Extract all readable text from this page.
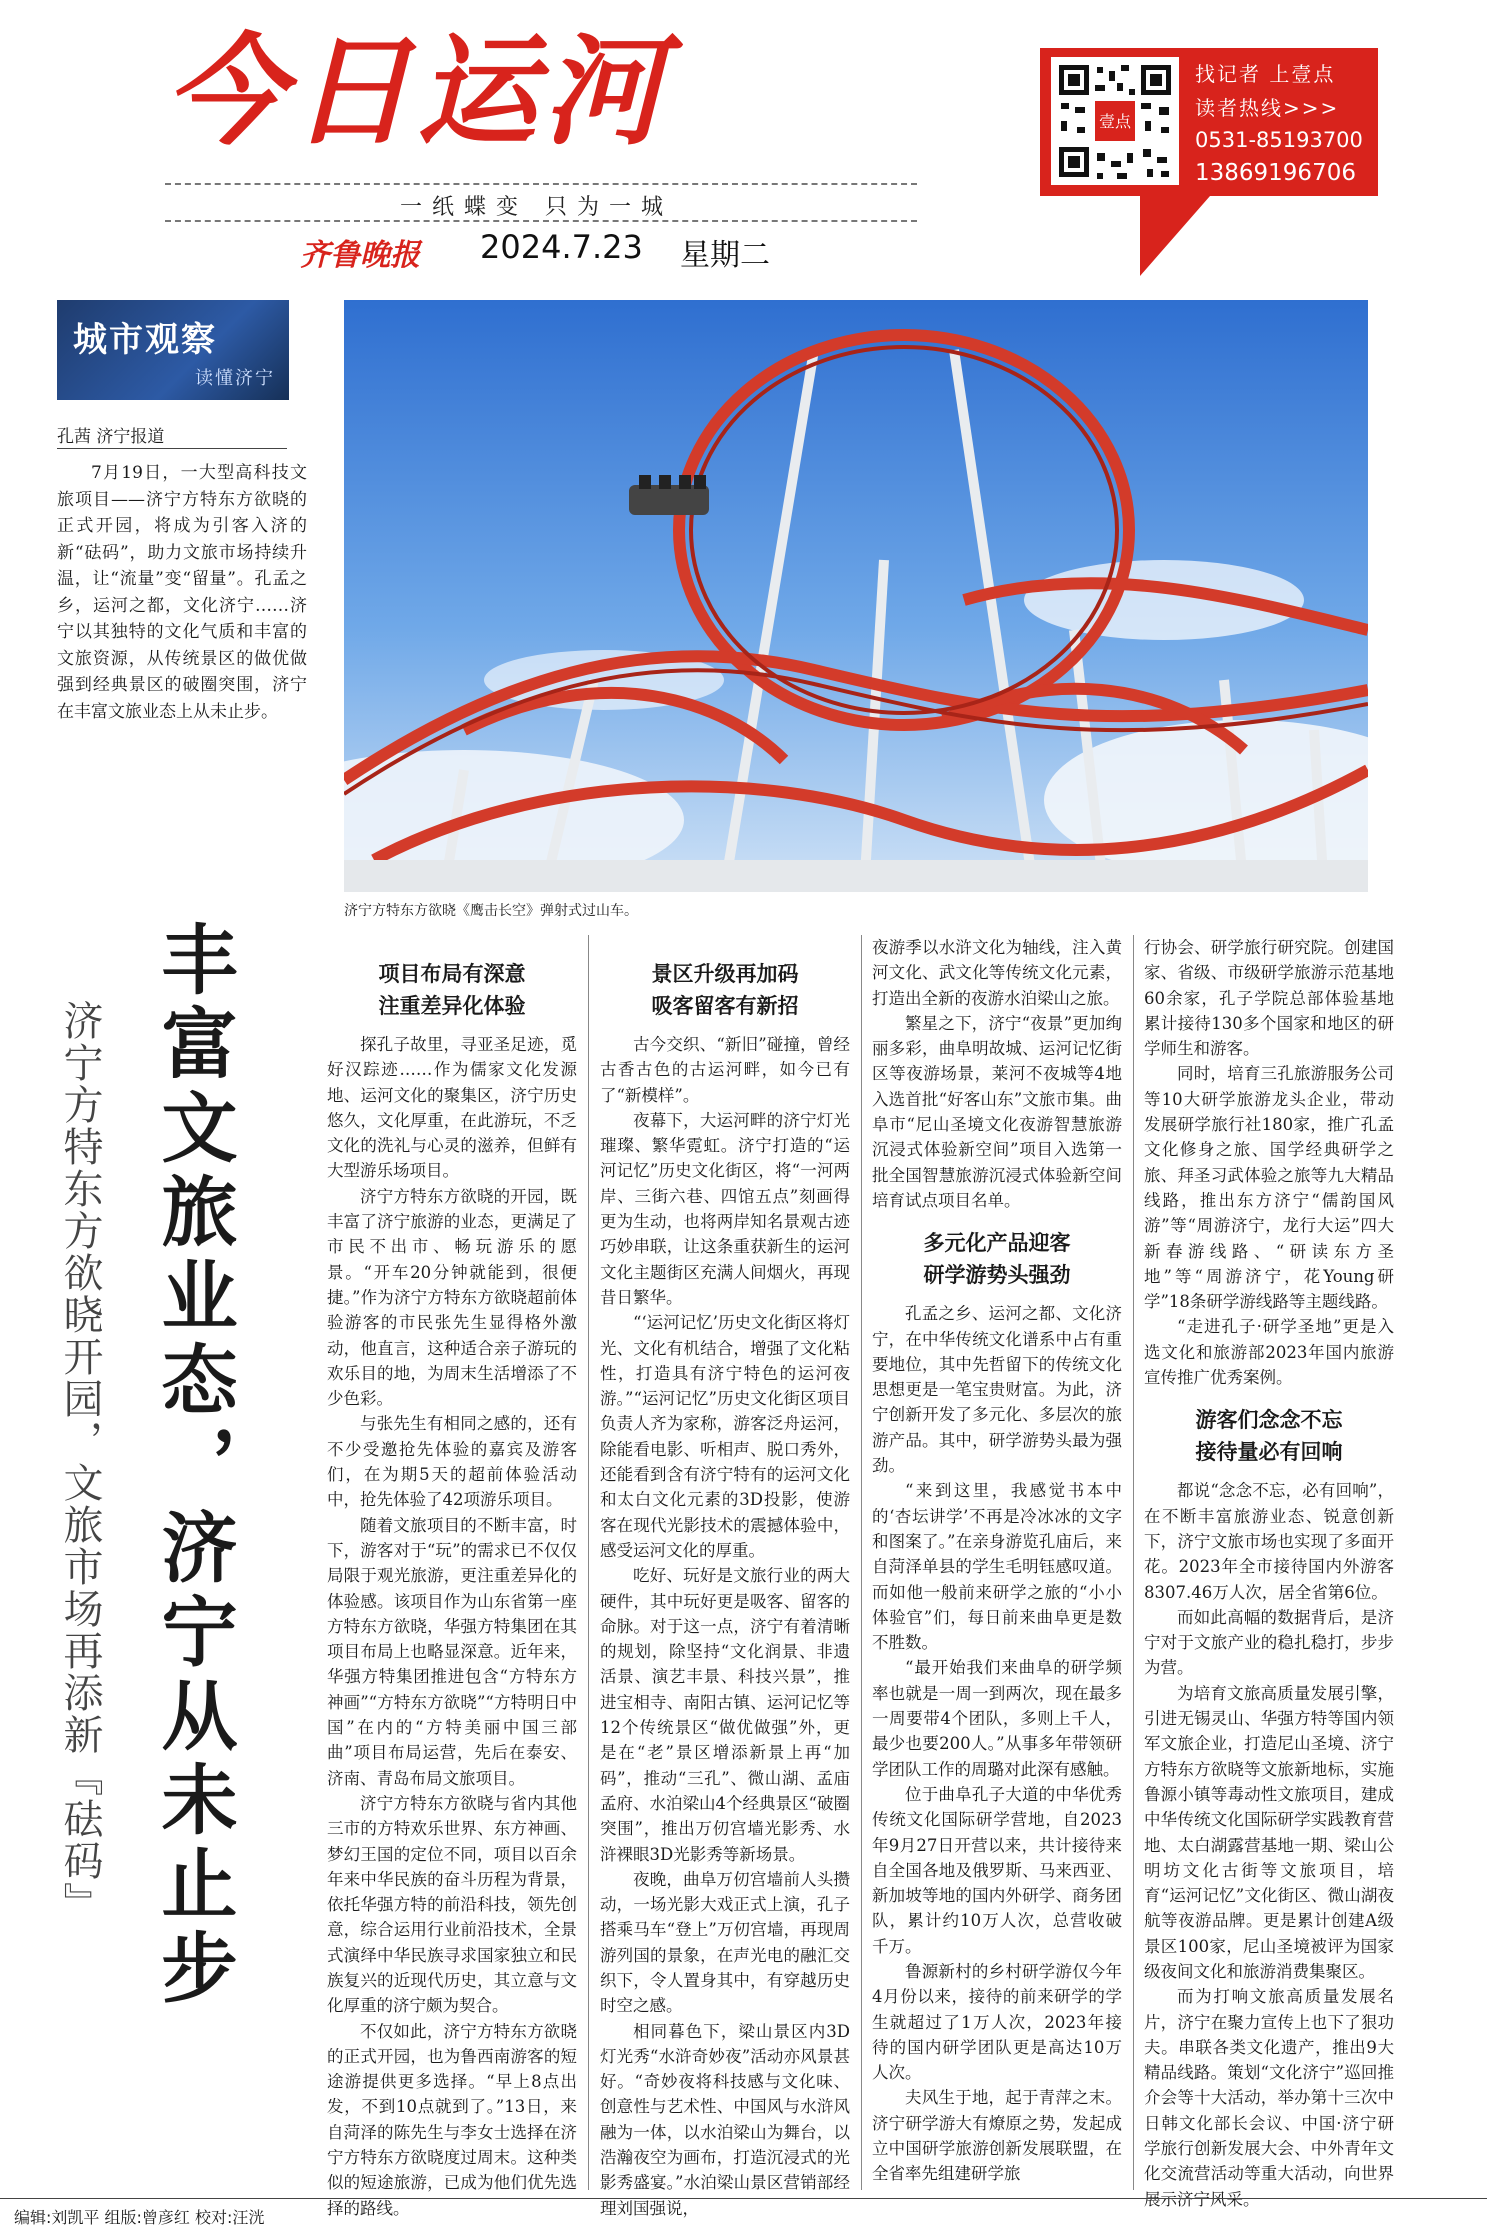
今日运河
一纸蝶变 只为一城
齐鲁晚报 2024.7.23 星期二
壹点
找记者 上壹点
读者热线>>>
0531-85193700
13869196706
城市观察
读懂济宁
孔茜 济宁报道
7月19日，一大型高科技文旅项目——济宁方特东方欲晓的正式开园，将成为引客入济的新“砝码”，助力文旅市场持续升温，让“流量”变“留量”。孔孟之乡，运河之都，文化济宁……济宁以其独特的文化气质和丰富的文旅资源，从传统景区的做优做强到经典景区的破圈突围，济宁在丰富文旅业态上从未止步。
济宁方特东方欲晓《鹰击长空》弹射式过山车。
丰富文旅业态，济宁从未止步
济宁方特东方欲晓开园，文旅市场再添新『砝码』
项目布局有深意
注重差异化体验

探孔子故里，寻亚圣足迹，觅好汉踪迹……作为儒家文化发源地、运河文化的聚集区，济宁历史悠久，文化厚重，在此游玩，不乏文化的洗礼与心灵的滋养，但鲜有大型游乐场项目。

济宁方特东方欲晓的开园，既丰富了济宁旅游的业态，更满足了市民不出市、畅玩游乐的愿景。“开车20分钟就能到，很便捷。”作为济宁方特东方欲晓超前体验游客的市民张先生显得格外激动，他直言，这种适合亲子游玩的欢乐目的地，为周末生活增添了不少色彩。

与张先生有相同之感的，还有不少受邀抢先体验的嘉宾及游客们，在为期5天的超前体验活动中，抢先体验了42项游乐项目。

随着文旅项目的不断丰富，时下，游客对于“玩”的需求已不仅仅局限于观光旅游，更注重差异化的体验感。该项目作为山东省第一座方特东方欲晓，华强方特集团在其项目布局上也略显深意。近年来，华强方特集团推进包含“方特东方神画”“方特东方欲晓”“方特明日中国”在内的“方特美丽中国三部曲”项目布局运营，先后在泰安、济南、青岛布局文旅项目。

济宁方特东方欲晓与省内其他三市的方特欢乐世界、东方神画、梦幻王国的定位不同，项目以百余年来中华民族的奋斗历程为背景，依托华强方特的前沿科技，领先创意，综合运用行业前沿技术，全景式演绎中华民族寻求国家独立和民族复兴的近现代历史，其立意与文化厚重的济宁颇为契合。

不仅如此，济宁方特东方欲晓的正式开园，也为鲁西南游客的短途游提供更多选择。“早上8点出发，不到10点就到了。”13日，来自菏泽的陈先生与李女士选择在济宁方特东方欲晓度过周末。这种类似的短途旅游，已成为他们优先选择的路线。

景区升级再加码
吸客留客有新招

古今交织、“新旧”碰撞，曾经古香古色的古运河畔，如今已有了“新模样”。

夜幕下，大运河畔的济宁灯光璀璨、繁华霓虹。济宁打造的“运河记忆”历史文化街区，将“一河两岸、三街六巷、四馆五点”刻画得更为生动，也将两岸知名景观古迹巧妙串联，让这条重获新生的运河文化主题街区充满人间烟火，再现昔日繁华。

“‘运河记忆’历史文化街区将灯光、文化有机结合，增强了文化粘性，打造具有济宁特色的运河夜游。”“运河记忆”历史文化街区项目负责人齐为家称，游客泛舟运河，除能看电影、听相声、脱口秀外，还能看到含有济宁特有的运河文化和太白文化元素的3D投影，使游客在现代光影技术的震撼体验中，感受运河文化的厚重。

吃好、玩好是文旅行业的两大硬件，其中玩好更是吸客、留客的命脉。对于这一点，济宁有着清晰的规划，除坚持“文化润景、非遗活景、演艺丰景、科技兴景”，推进宝相寺、南阳古镇、运河记忆等12个传统景区“做优做强”外，更是在“老”景区增添新景上再“加码”，推动“三孔”、微山湖、孟庙孟府、水泊梁山4个经典景区“破圈突围”，推出万仞宫墙光影秀、水浒裸眼3D光影秀等新场景。

夜晚，曲阜万仞宫墙前人头攒动，一场光影大戏正式上演，孔子搭乘马车“登上”万仞宫墙，再现周游列国的景象，在声光电的融汇交织下，令人置身其中，有穿越历史时空之感。

相同暮色下，梁山景区内3D灯光秀“水浒奇妙夜”活动亦风景甚好。“奇妙夜将科技感与文化味、创意性与艺术性、中国风与水浒风融为一体，以水泊梁山为舞台，以浩瀚夜空为画布，打造沉浸式的光影秀盛宴。”水泊梁山景区营销部经理刘国强说，

夜游季以水浒文化为轴线，注入黄河文化、武文化等传统文化元素，打造出全新的夜游水泊梁山之旅。

繁星之下，济宁“夜景”更加绚丽多彩，曲阜明故城、运河记忆街区等夜游场景，莱河不夜城等4地入选首批“好客山东”文旅市集。曲阜市“尼山圣境文化夜游智慧旅游沉浸式体验新空间”项目入选第一批全国智慧旅游沉浸式体验新空间培育试点项目名单。

多元化产品迎客
研学游势头强劲

孔孟之乡、运河之都、文化济宁，在中华传统文化谱系中占有重要地位，其中先哲留下的传统文化思想更是一笔宝贵财富。为此，济宁创新开发了多元化、多层次的旅游产品。其中，研学游势头最为强劲。

“来到这里，我感觉书本中的‘杏坛讲学’不再是冷冰冰的文字和图案了。”在亲身游览孔庙后，来自菏泽单县的学生毛明钰感叹道。而如他一般前来研学之旅的“小小体验官”们，每日前来曲阜更是数不胜数。

“最开始我们来曲阜的研学频率也就是一周一到两次，现在最多一周要带4个团队，多则上千人，最少也要200人。”从事多年带领研学团队工作的周璐对此深有感触。

位于曲阜孔子大道的中华优秀传统文化国际研学营地，自2023年9月27日开营以来，共计接待来自全国各地及俄罗斯、马来西亚、新加坡等地的国内外研学、商务团队，累计约10万人次，总营收破千万。

鲁源新村的乡村研学游仅今年4月份以来，接待的前来研学的学生就超过了1万人次，2023年接待的国内研学团队更是高达10万人次。

夫风生于地，起于青萍之末。济宁研学游大有燎原之势，发起成立中国研学旅游创新发展联盟，在全省率先组建研学旅

行协会、研学旅行研究院。创建国家、省级、市级研学旅游示范基地60余家，孔子学院总部体验基地累计接待130多个国家和地区的研学师生和游客。

同时，培育三孔旅游服务公司等10大研学旅游龙头企业，带动发展研学旅行社180家，推广孔孟文化修身之旅、国学经典研学之旅、拜圣习武体验之旅等九大精品线路，推出东方济宁“儒韵国风游”等“周游济宁，龙行大运”四大新春游线路、“研读东方圣地”等“周游济宁，花Young研学”18条研学游线路等主题线路。

“走进孔子·研学圣地”更是入选文化和旅游部2023年国内旅游宣传推广优秀案例。

游客们念念不忘
接待量必有回响

都说“念念不忘，必有回响”，在不断丰富旅游业态、锐意创新下，济宁文旅市场也实现了多面开花。2023年全市接待国内外游客8307.46万人次，居全省第6位。

而如此高幅的数据背后，是济宁对于文旅产业的稳扎稳打，步步为营。

为培育文旅高质量发展引擎，引进无锡灵山、华强方特等国内领军文旅企业，打造尼山圣境、济宁方特东方欲晓等文旅新地标，实施鲁源小镇等毒动性文旅项目，建成中华传统文化国际研学实践教育营地、太白湖露营基地一期、梁山公明坊文化古街等文旅项目，培育“运河记忆”文化街区、微山湖夜航等夜游品牌。更是累计创建A级景区100家，尼山圣境被评为国家级夜间文化和旅游消费集聚区。

而为打响文旅高质量发展名片，济宁在聚力宣传上也下了狠功夫。串联各类文化遗产，推出9大精品线路。策划“文化济宁”巡回推介会等十大活动，举办第十三次中日韩文化部长会议、中国·济宁研学旅行创新发展大会、中外青年文化交流营活动等重大活动，向世界展示济宁风采。

编辑:刘凯平 组版:曾彦红 校对:汪洸
